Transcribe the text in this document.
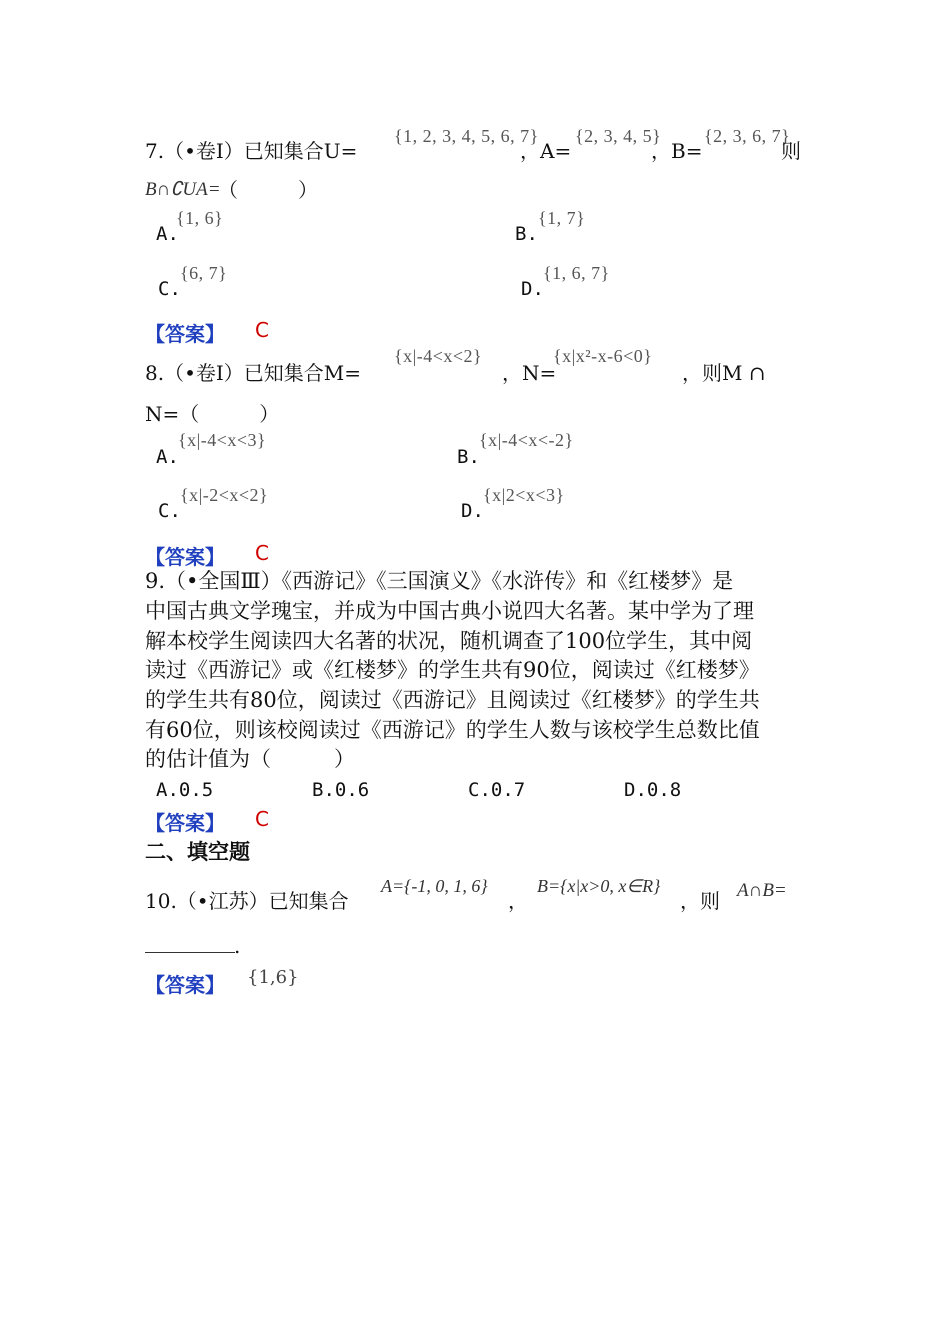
7.（•卷Ⅰ）已知集合U=
{1, 2, 3, 4, 5, 6, 7}
，A=
{2, 3, 4, 5}
，B=
{2, 3, 6, 7}
则
B∩∁UA=
（　　　）
A.
{1, 6}
B.
{1, 7}
C.
{6, 7}
D.
{1, 6, 7}
【答案】 C
8.（•卷Ⅰ）已知集合M=
{x|-4<x<2}
，N=
{x|x²-x-6<0}
，则M ∩
N=（　　　）
A.
{x|-4<x<3}
B.
{x|-4<x<-2}
C.
{x|-2<x<2}
D.
{x|2<x<3}
【答案】 C
9.（•全国Ⅲ）《西游记》《三国演义》《水浒传》和《红楼梦》是
中国古典文学瑰宝，并成为中国古典小说四大名著。某中学为了理
解本校学生阅读四大名著的状况，随机调查了100位学生，其中阅
读过《西游记》或《红楼梦》的学生共有90位，阅读过《红楼梦》
的学生共有80位，阅读过《西游记》且阅读过《红楼梦》的学生共
有60位，则该校阅读过《西游记》的学生人数与该校学生总数比值
的估计值为（　　　）
A.0.5	B.0.6	C.0.7	D.0.8
【答案】 C
二、填空题
10.（•江苏）已知集合
A={-1, 0, 1, 6}
，
B={x|x>0, x∈R}
，则 A∩B=
.
【答案】 {1,6}
